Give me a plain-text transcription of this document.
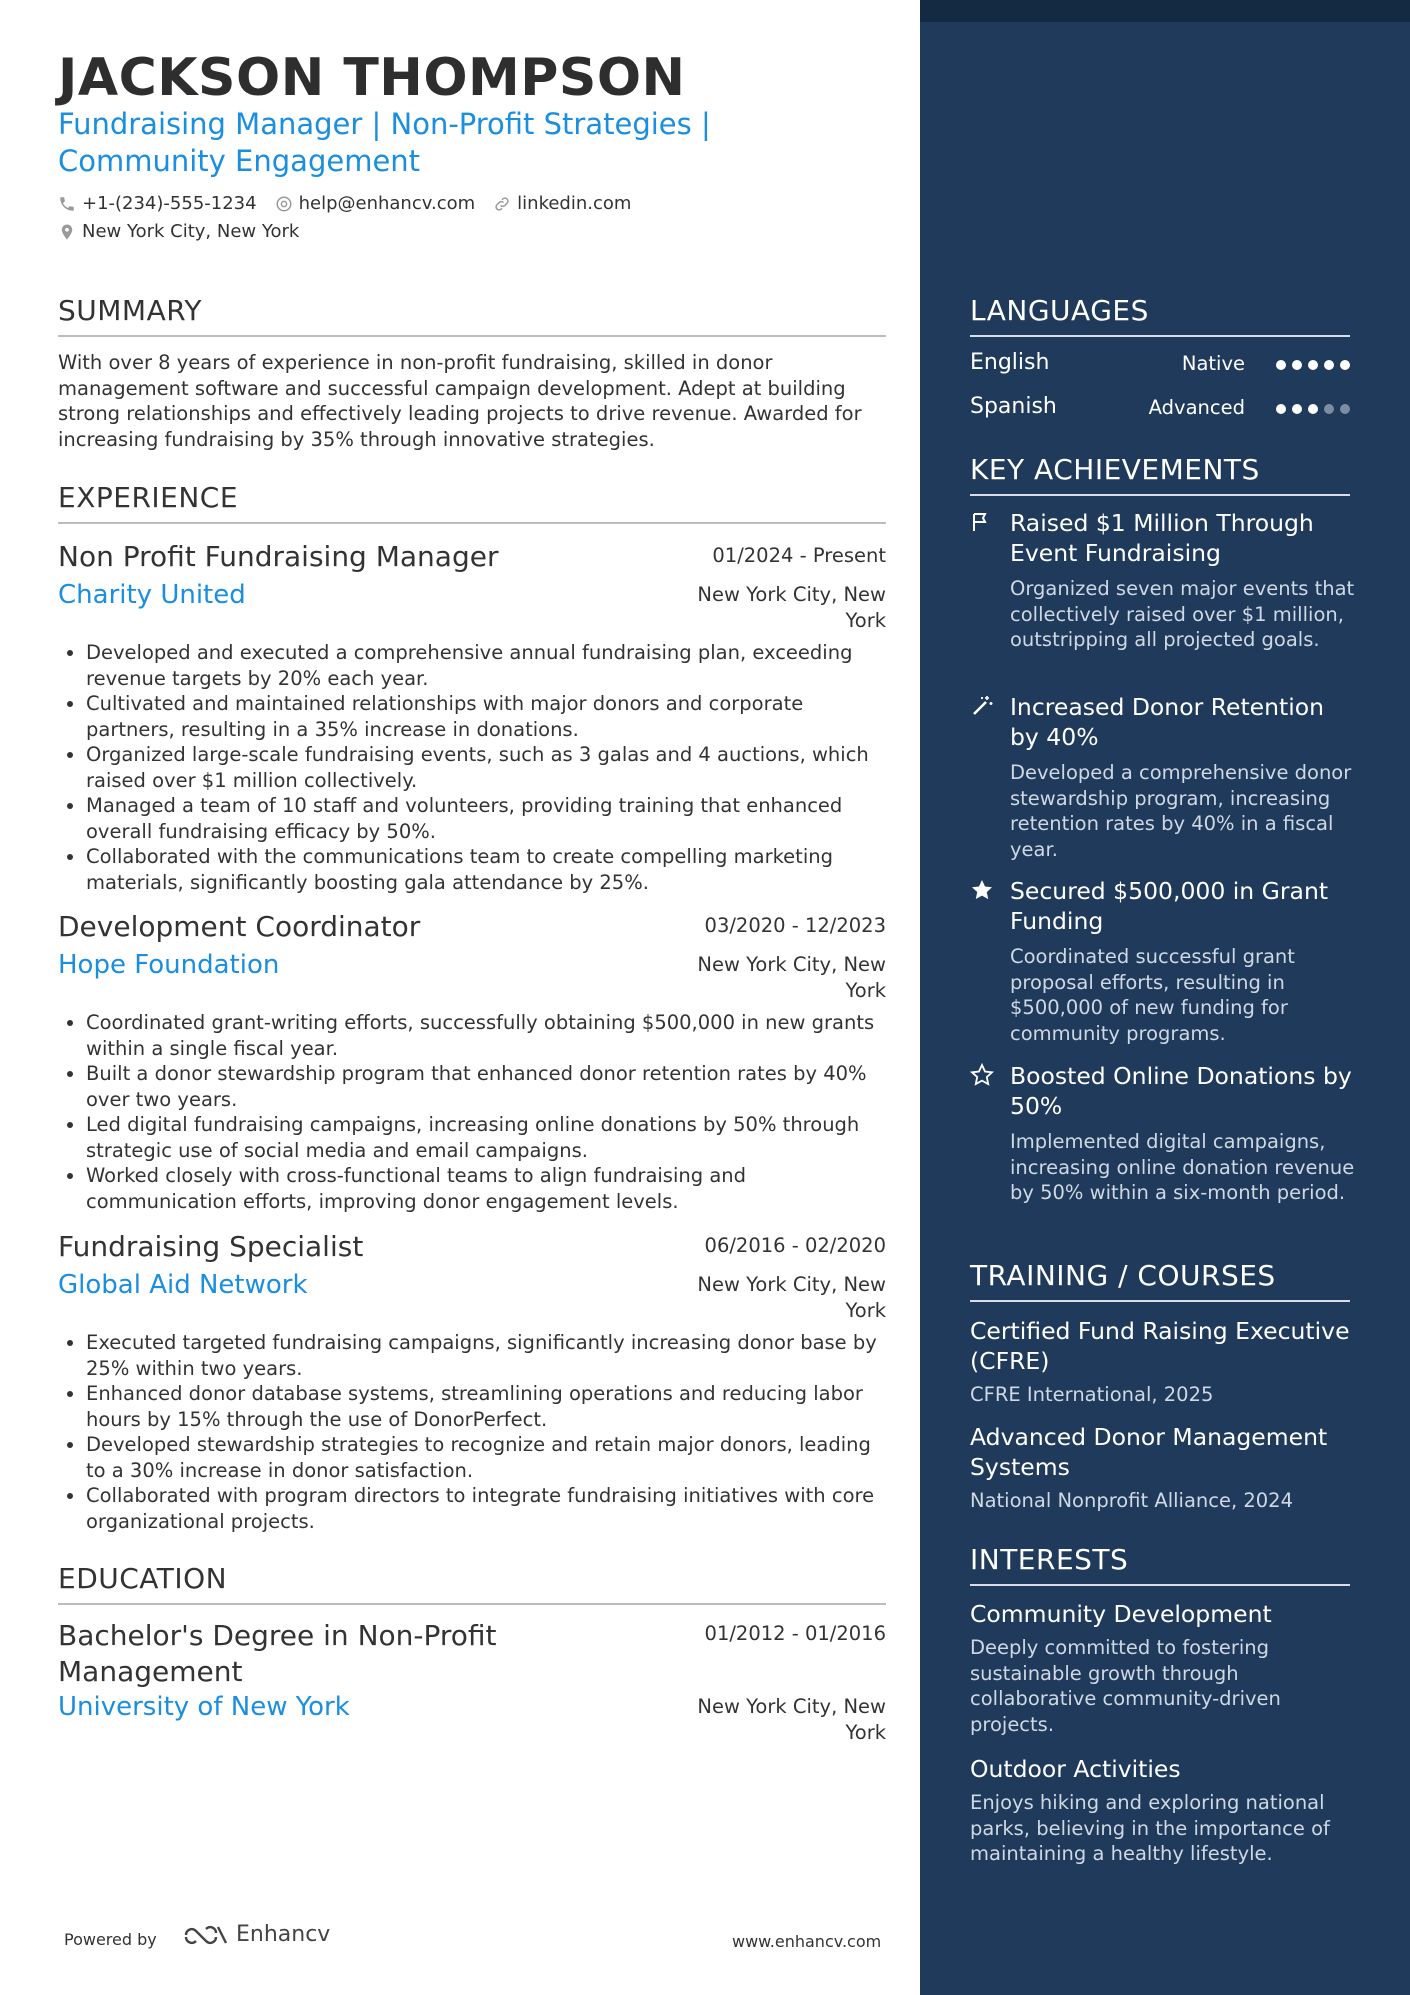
JACKSON THOMPSON
Fundraising Manager | Non-Profit Strategies | Community Engagement
+1-(234)-555-1234 help@enhancv.com linkedin.com
New York City, New York
SUMMARY
With over 8 years of experience in non-profit fundraising, skilled in donor management software and successful campaign development. Adept at building strong relationships and effectively leading projects to drive revenue. Awarded for increasing fundraising by 35% through innovative strategies.
EXPERIENCE
Non Profit Fundraising Manager	01/2024 - Present
Charity United	New York City, New York
• Developed and executed a comprehensive annual fundraising plan, exceeding revenue targets by 20% each year.
• Cultivated and maintained relationships with major donors and corporate partners, resulting in a 35% increase in donations.
• Organized large-scale fundraising events, such as 3 galas and 4 auctions, which raised over $1 million collectively.
• Managed a team of 10 staff and volunteers, providing training that enhanced overall fundraising efficacy by 50%.
• Collaborated with the communications team to create compelling marketing materials, significantly boosting gala attendance by 25%.
Development Coordinator	03/2020 - 12/2023
Hope Foundation	New York City, New York
• Coordinated grant-writing efforts, successfully obtaining $500,000 in new grants within a single fiscal year.
• Built a donor stewardship program that enhanced donor retention rates by 40% over two years.
• Led digital fundraising campaigns, increasing online donations by 50% through strategic use of social media and email campaigns.
• Worked closely with cross-functional teams to align fundraising and communication efforts, improving donor engagement levels.
Fundraising Specialist	06/2016 - 02/2020
Global Aid Network	New York City, New York
• Executed targeted fundraising campaigns, significantly increasing donor base by 25% within two years.
• Enhanced donor database systems, streamlining operations and reducing labor hours by 15% through the use of DonorPerfect.
• Developed stewardship strategies to recognize and retain major donors, leading to a 30% increase in donor satisfaction.
• Collaborated with program directors to integrate fundraising initiatives with core organizational projects.
EDUCATION
Bachelor's Degree in Non-Profit Management
01/2012 - 01/2016
University of New York	New York City, New York
Powered by	Enhancv	www.enhancv.com
LANGUAGES
English	Native
Spanish	Advanced
KEY ACHIEVEMENTS
Raised $1 Million Through Event Fundraising
Organized seven major events that collectively raised over $1 million, outstripping all projected goals.
Increased Donor Retention by 40%
Developed a comprehensive donor stewardship program, increasing retention rates by 40% in a fiscal year.
Secured $500,000 in Grant Funding
Coordinated successful grant proposal efforts, resulting in $500,000 of new funding for community programs.
Boosted Online Donations by 50%
Implemented digital campaigns, increasing online donation revenue by 50% within a six-month period.
TRAINING / COURSES
Certified Fund Raising Executive (CFRE)
CFRE International, 2025
Advanced Donor Management Systems
National Nonprofit Alliance, 2024
INTERESTS
Community Development
Deeply committed to fostering sustainable growth through collaborative community-driven projects.
Outdoor Activities
Enjoys hiking and exploring national parks, believing in the importance of maintaining a healthy lifestyle.
